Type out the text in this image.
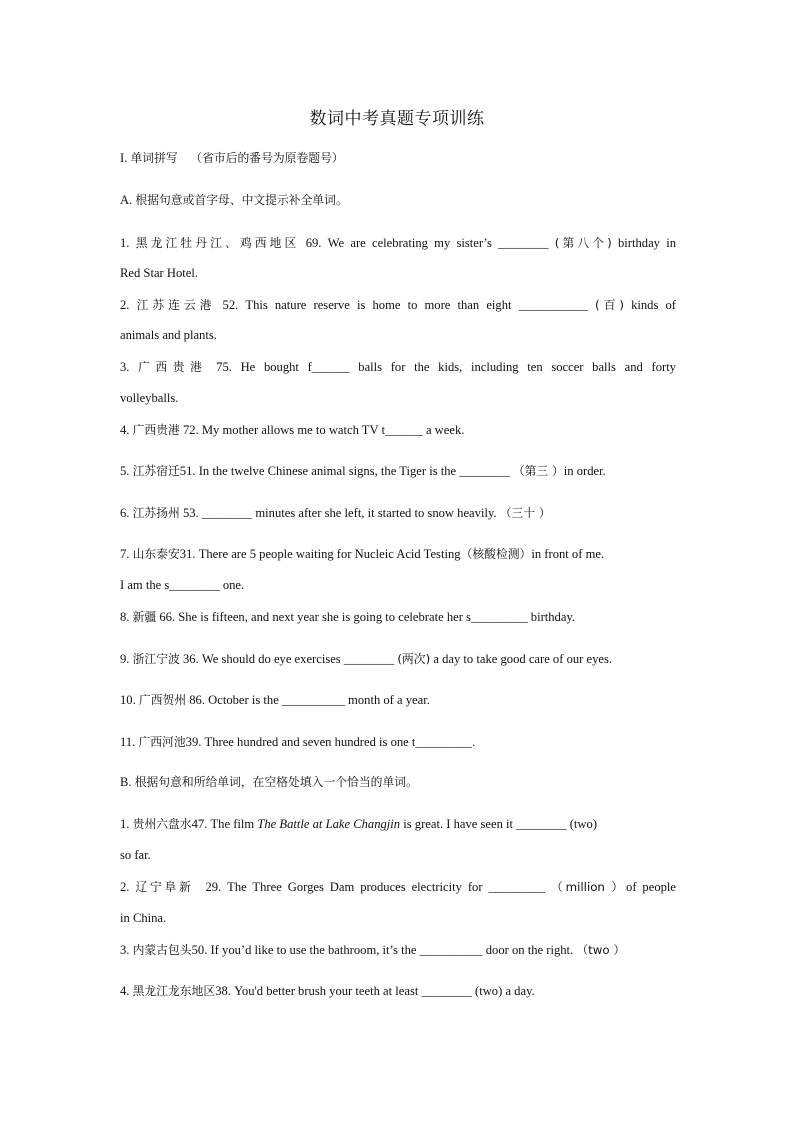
数词中考真题专项训练
I. 单词拼写 （省市后的番号为原卷题号）
A. 根据句意或首字母、中文提示补全单词。
1. 黑龙江牡丹江、鸡西地区 69. We are celebrating my sister’s ________ (第八个) birthday in
Red Star Hotel.
2. 江苏连云港 52. This nature reserve is home to more than eight ___________ (百) kinds of
animals and plants.
3. 广西贵港 75. He bought f______ balls for the kids, including ten soccer balls and forty
volleyballs.
4. 广西贵港 72. My mother allows me to watch TV t______ a week.
5. 江苏宿迁51. In the twelve Chinese animal signs, the Tiger is the ________ （第三 ）in order.
6. 江苏扬州 53. ________ minutes after she left, it started to snow heavily. （三十 ）
7. 山东泰安31. There are 5 people waiting for Nucleic Acid Testing（核酸检测）in front of me.
I am the s________ one.
8. 新疆 66. She is fifteen, and next year she is going to celebrate her s_________ birthday.
9. 浙江宁波 36. We should do eye exercises ________ (两次) a day to take good care of our eyes.
10. 广西贺州 86. October is the __________ month of a year.
11. 广西河池39. Three hundred and seven hundred is one t_________.
B. 根据句意和所给单词，在空格处填入一个恰当的单词。
1. 贵州六盘水47. The film The Battle at Lake Changjin is great. I have seen it ________ (two)
so far.
2. 辽宁阜新 29. The Three Gorges Dam produces electricity for _________ （million ）of people
in China.
3. 内蒙古包头50. If you’d like to use the bathroom, it’s the __________ door on the right. （two ）
4. 黑龙江龙东地区38. You'd better brush your teeth at least ________ (two) a day.
